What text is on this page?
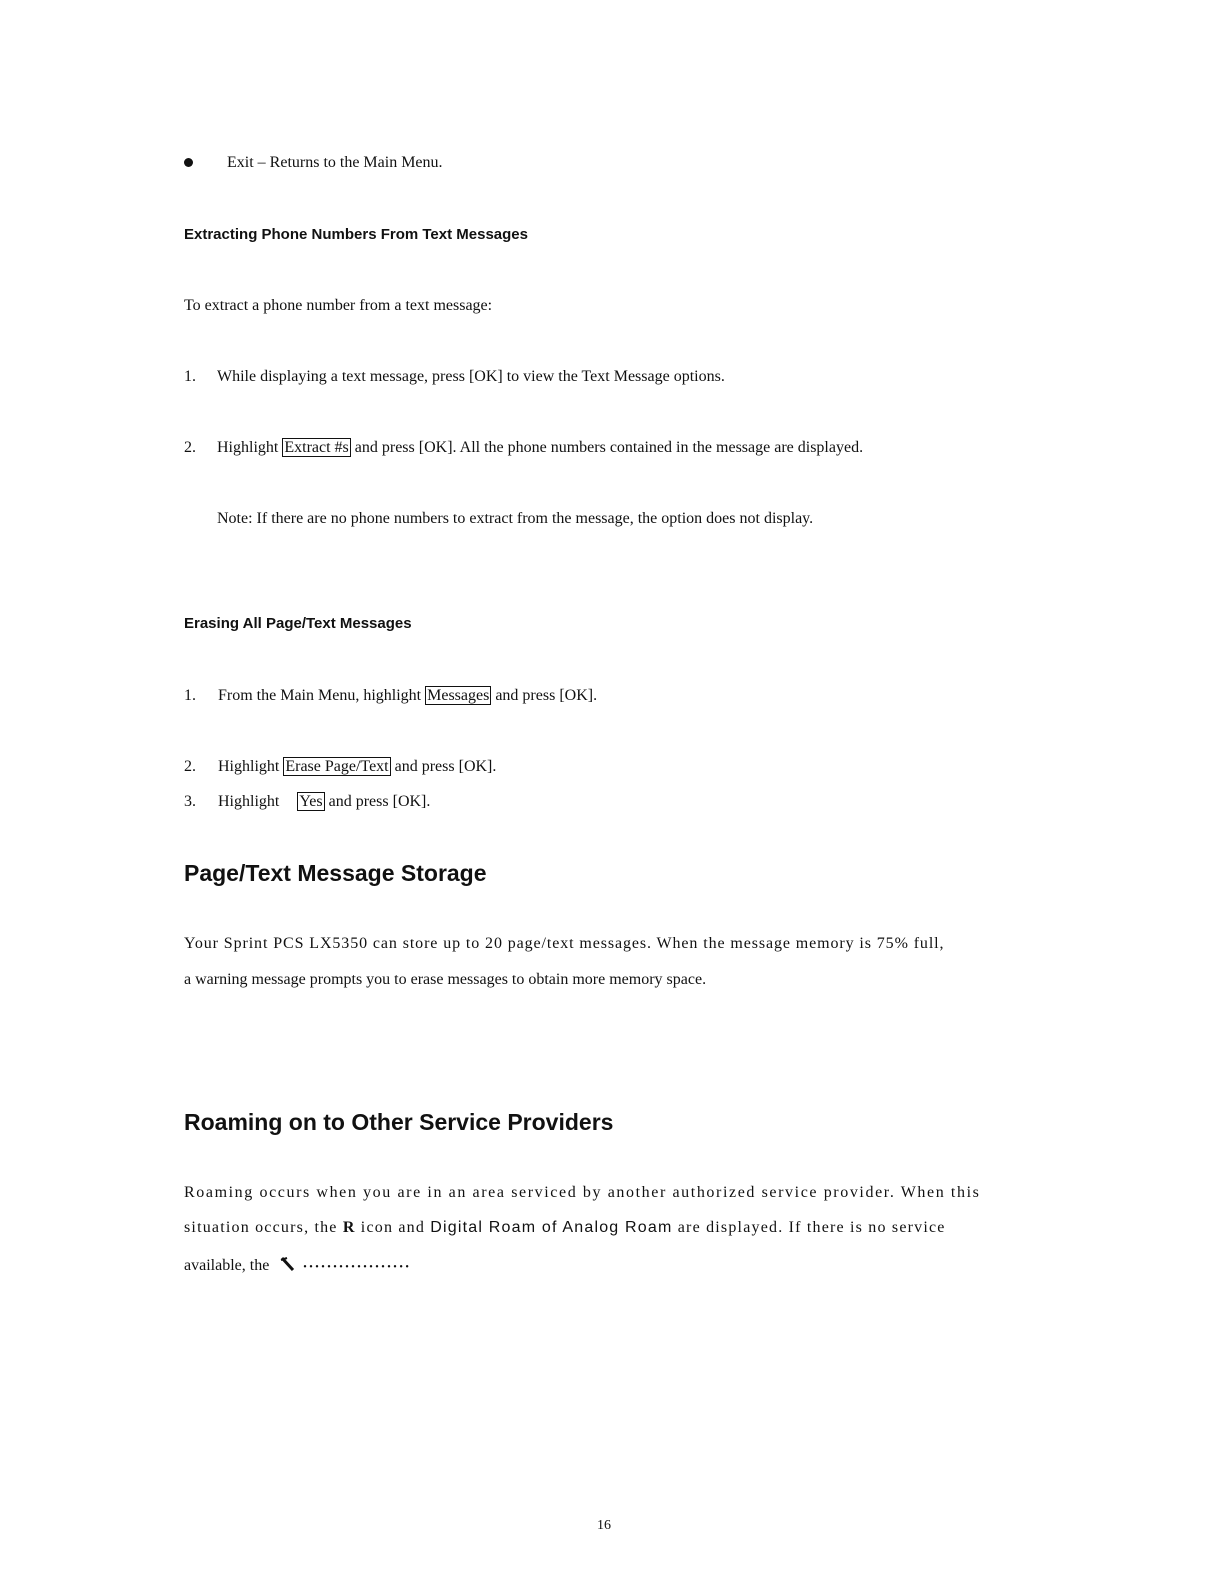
Exit – Returns to the Main Menu.
Extracting Phone Numbers From Text Messages
To extract a phone number from a text message:
1. While displaying a text message, press [OK] to view the Text Message options.
2. Highlight Extract #s and press [OK]. All the phone numbers contained in the message are displayed.
Note: If there are no phone numbers to extract from the message, the option does not display.
Erasing All Page/Text Messages
1. From the Main Menu, highlight Messages and press [OK].
2. Highlight Erase Page/Text and press [OK].
3. Highlight Yes and press [OK].
Page/Text Message Storage
Your Sprint PCS LX5350 can store up to 20 page/text messages. When the message memory is 75% full,
a warning message prompts you to erase messages to obtain more memory space.
Roaming on to Other Service Providers
Roaming occurs when you are in an area serviced by another authorized service provider. When this
situation occurs, the R icon and Digital Roam of Analog Roam are displayed. If there is no service
available, the	• • • • • • • • • • • • • • • • • •
16
